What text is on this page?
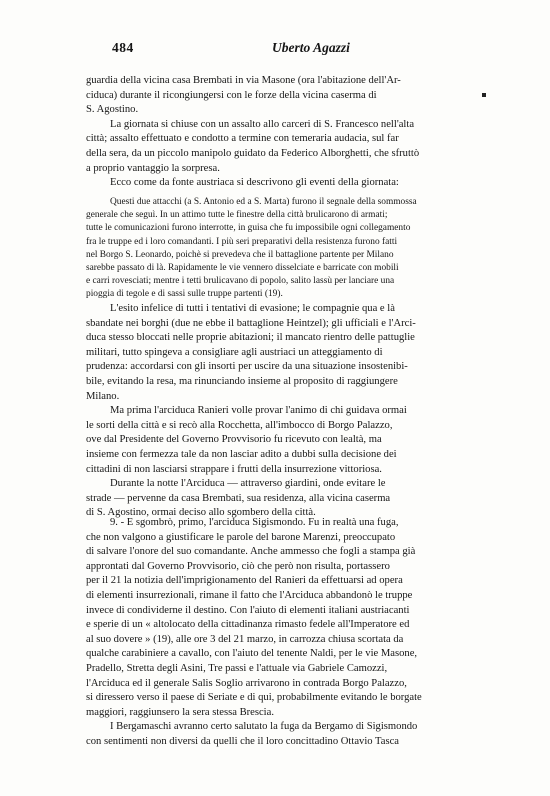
484	Uberto Agazzi

guardia della vicina casa Brembati in via Masone (ora l'abitazione dell'Ar-

ciduca) durante il ricongiungersi con le forze della vicina caserma di

S. Agostino.

La giornata si chiuse con un assalto allo carceri di S. Francesco nell'alta

città; assalto effettuato e condotto a termine con temeraria audacia, sul far

della sera, da un piccolo manipolo guidato da Federico Alborghetti, che sfruttò

a proprio vantaggio la sorpresa.

Ecco come da fonte austriaca si descrivono gli eventi della giornata:

Questi due attacchi (a S. Antonio ed a S. Marta) furono il segnale della sommossa

generale che seguì. In un attimo tutte le finestre della città brulicarono di armati;

tutte le comunicazioni furono interrotte, in guisa che fu impossibile ogni collegamento

fra le truppe ed i loro comandanti. I più seri preparativi della resistenza furono fatti

nel Borgo S. Leonardo, poichè si prevedeva che il battaglione partente per Milano

sarebbe passato di là. Rapidamente le vie vennero disselciate e barricate con mobili

e carri rovesciati; mentre i tetti brulicavano di popolo, salito lassù per lanciare una

pioggia di tegole e di sassi sulle truppe partenti (19).

L'esito infelice di tutti i tentativi di evasione; le compagnie qua e là

sbandate nei borghi (due ne ebbe il battaglione Heintzel); gli ufficiali e l'Arci-

duca stesso bloccati nelle proprie abitazioni; il mancato rientro delle pattuglie

militari, tutto spingeva a consigliare agli austriaci un atteggiamento di

prudenza: accordarsi con gli insorti per uscire da una situazione insostenibi-

bile, evitando la resa, ma rinunciando insieme al proposito di raggiungere

Milano.

Ma prima l'arciduca Ranieri volle provar l'animo di chi guidava ormai

le sorti della città e si recò alla Rocchetta, all'imbocco di Borgo Palazzo,

ove dal Presidente del Governo Provvisorio fu ricevuto con lealtà, ma

insieme con fermezza tale da non lasciar adito a dubbi sulla decisione dei

cittadini di non lasciarsi strappare i frutti della insurrezione vittoriosa.

Durante la notte l'Arciduca — attraverso giardini, onde evitare le

strade — pervenne da casa Brembati, sua residenza, alla vicina caserma

di S. Agostino, ormai deciso allo sgombero della città.

9. - E sgombrò, primo, l'arciduca Sigismondo. Fu in realtà una fuga,

che non valgono a giustificare le parole del barone Marenzi, preoccupato

di salvare l'onore del suo comandante. Anche ammesso che fogli a stampa già

approntati dal Governo Provvisorio, ciò che però non risulta, portassero

per il 21 la notizia dell'imprigionamento del Ranieri da effettuarsi ad opera

di elementi insurrezionali, rimane il fatto che l'Arciduca abbandonò le truppe

invece di condividerne il destino. Con l'aiuto di elementi italiani austriacanti

e sperie di un « altolocato della cittadinanza rimasto fedele all'Imperatore ed

al suo dovere » (19), alle ore 3 del 21 marzo, in carrozza chiusa scortata da

qualche carabiniere a cavallo, con l'aiuto del tenente Naldi, per le vie Masone,

Pradello, Stretta degli Asini, Tre passi e l'attuale via Gabriele Camozzi,

l'Arciduca ed il generale Salis Soglio arrivarono in contrada Borgo Palazzo,

si diressero verso il paese di Seriate e di qui, probabilmente evitando le borgate

maggiori, raggiunsero la sera stessa Brescia.

I Bergamaschi avranno certo salutato la fuga da Bergamo di Sigismondo

con sentimenti non diversi da quelli che il loro concittadino Ottavio Tasca
